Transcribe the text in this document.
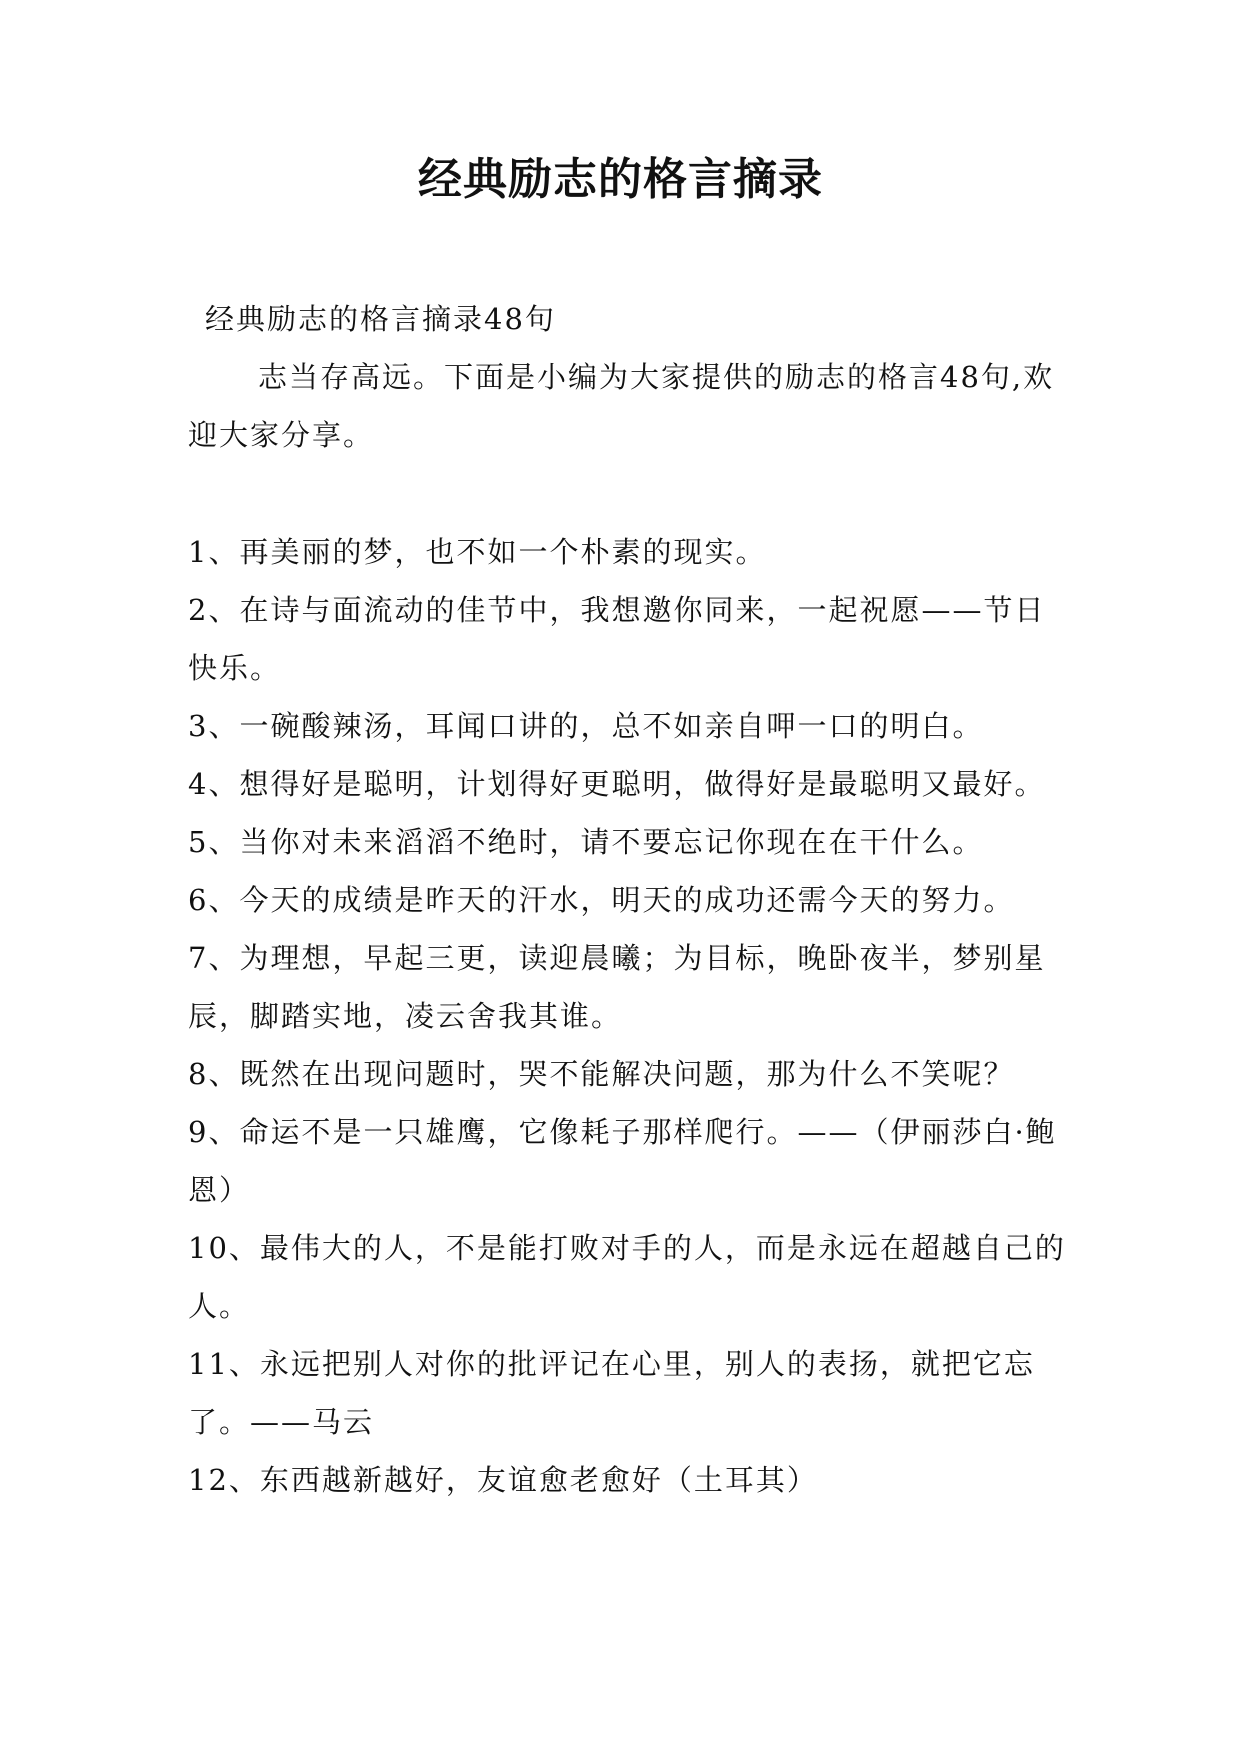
经典励志的格言摘录
经典励志的格言摘录48句
志当存高远。下面是小编为大家提供的励志的格言48句,欢迎大家分享。

1、再美丽的梦，也不如一个朴素的现实。

2、在诗与面流动的佳节中，我想邀你同来，一起祝愿——节日快乐。

3、一碗酸辣汤，耳闻口讲的，总不如亲自呷一口的明白。

4、想得好是聪明，计划得好更聪明，做得好是最聪明又最好。

5、当你对未来滔滔不绝时，请不要忘记你现在在干什么。

6、今天的成绩是昨天的汗水，明天的成功还需今天的努力。

7、为理想，早起三更，读迎晨曦；为目标，晚卧夜半，梦别星辰，脚踏实地，凌云舍我其谁。

8、既然在出现问题时，哭不能解决问题，那为什么不笑呢？

9、命运不是一只雄鹰，它像耗子那样爬行。——（伊丽莎白·鲍恩）

10、最伟大的人，不是能打败对手的人，而是永远在超越自己的人。

11、永远把别人对你的批评记在心里，别人的表扬，就把它忘了。——马云

12、东西越新越好，友谊愈老愈好（土耳其）
